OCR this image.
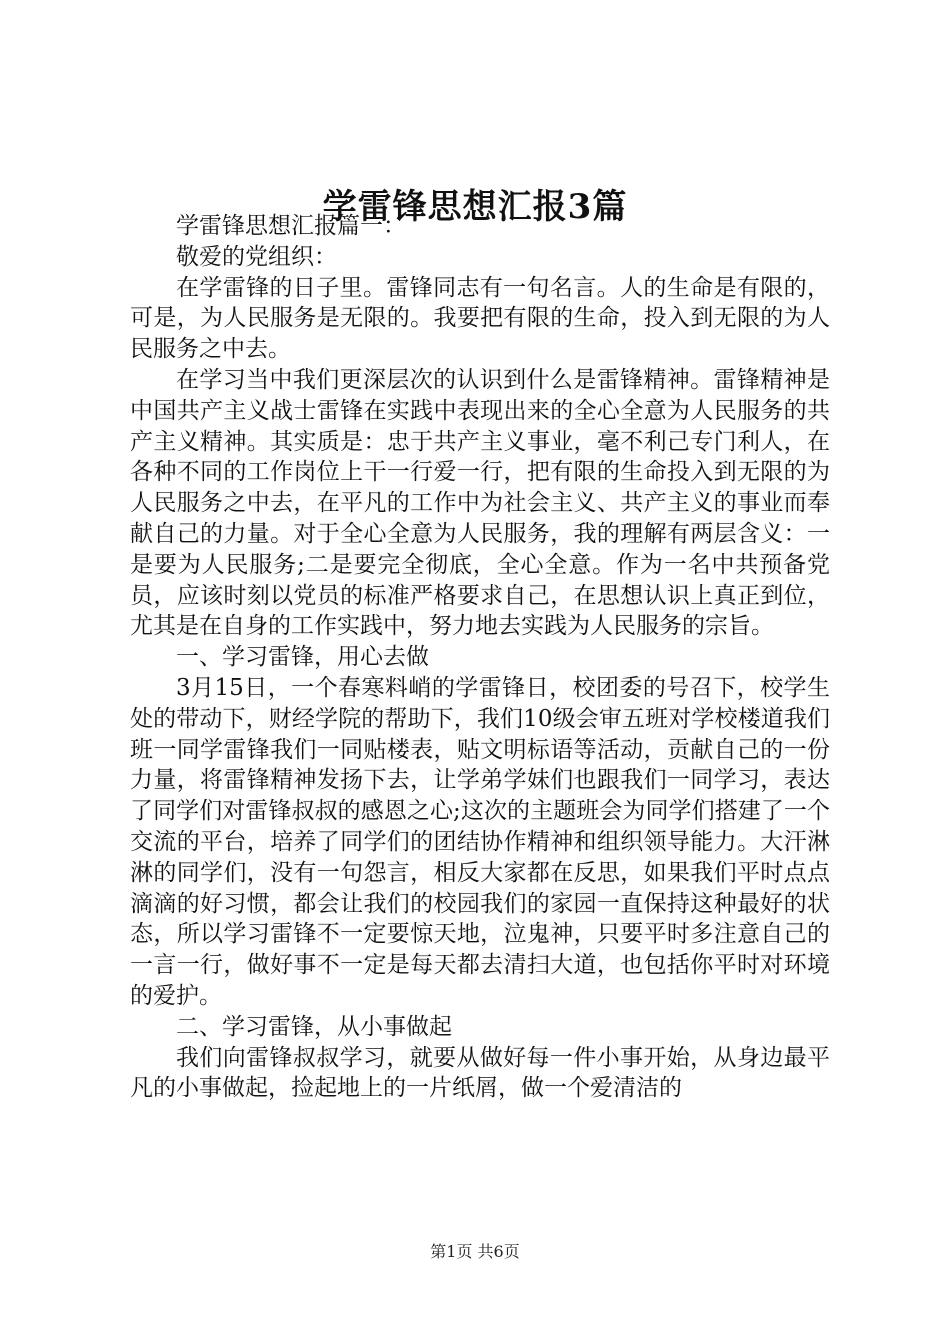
学雷锋思想汇报3篇

学雷锋思想汇报篇一：

敬爱的党组织：

在学雷锋的日子里。雷锋同志有一句名言。人的生命是有限的，可是，为人民服务是无限的。我要把有限的生命，投入到无限的为人民服务之中去。

在学习当中我们更深层次的认识到什么是雷锋精神。雷锋精神是中国共产主义战士雷锋在实践中表现出来的全心全意为人民服务的共产主义精神。其实质是：忠于共产主义事业，毫不利己专门利人，在各种不同的工作岗位上干一行爱一行，把有限的生命投入到无限的为人民服务之中去，在平凡的工作中为社会主义、共产主义的事业而奉献自己的力量。对于全心全意为人民服务，我的理解有两层含义：一是要为人民服务;二是要完全彻底，全心全意。作为一名中共预备党员，应该时刻以党员的标准严格要求自己，在思想认识上真正到位，尤其是在自身的工作实践中，努力地去实践为人民服务的宗旨。

一、学习雷锋，用心去做

3月15日，一个春寒料峭的学雷锋日，校团委的号召下，校学生处的带动下，财经学院的帮助下，我们10级会审五班对学校楼道我们班一同学雷锋我们一同贴楼表，贴文明标语等活动，贡献自己的一份力量，将雷锋精神发扬下去，让学弟学妹们也跟我们一同学习，表达了同学们对雷锋叔叔的感恩之心;这次的主题班会为同学们搭建了一个交流的平台，培养了同学们的团结协作精神和组织领导能力。大汗淋淋的同学们，没有一句怨言，相反大家都在反思，如果我们平时点点滴滴的好习惯，都会让我们的校园我们的家园一直保持这种最好的状态，所以学习雷锋不一定要惊天地，泣鬼神，只要平时多注意自己的一言一行，做好事不一定是每天都去清扫大道，也包括你平时对环境的爱护。

二、学习雷锋，从小事做起

我们向雷锋叔叔学习，就要从做好每一件小事开始，从身边最平凡的小事做起，捡起地上的一片纸屑，做一个爱清洁的

第1页 共6页
